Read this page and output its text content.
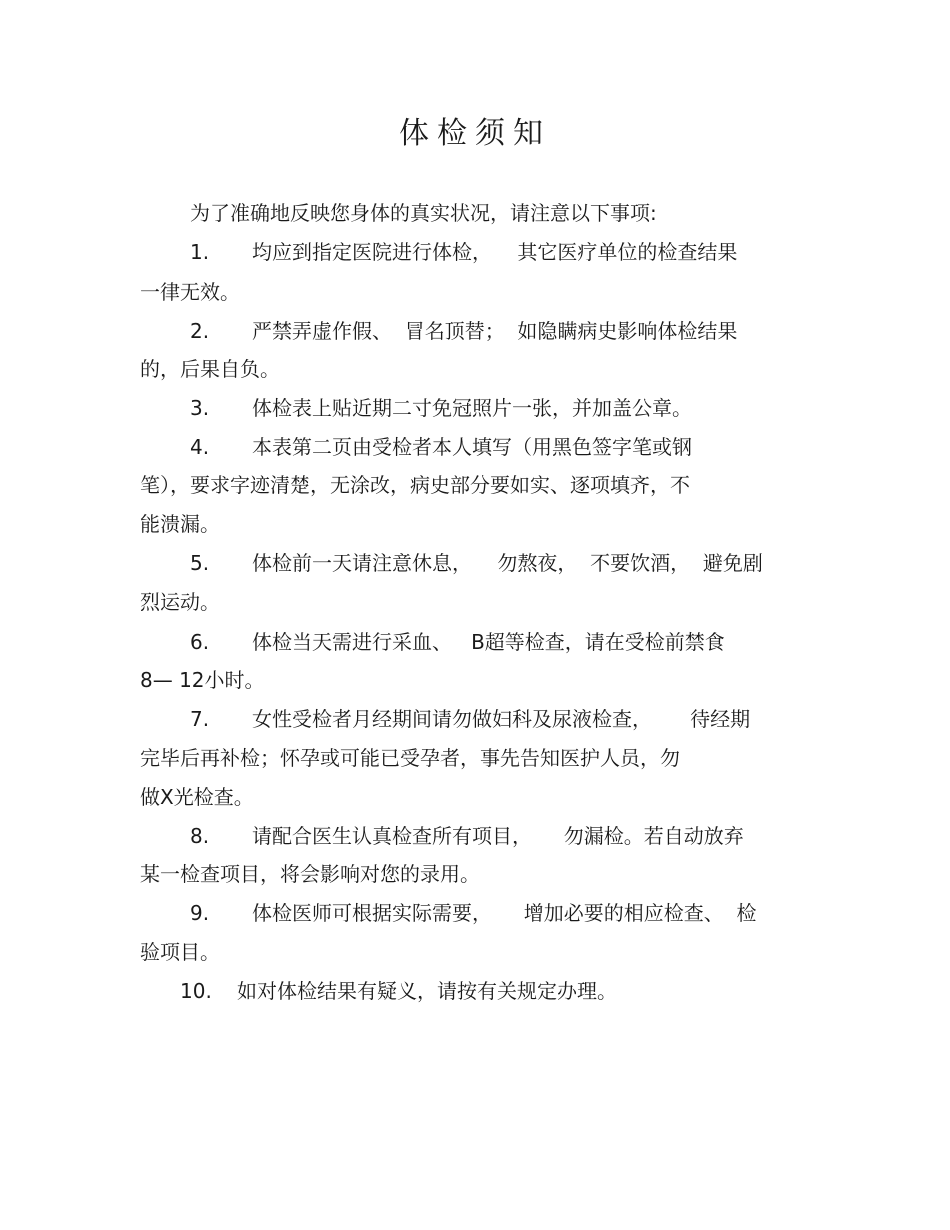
体检须知
为了准确地反映您身体的真实状况，请注意以下事项:
1. 均应到指定医院进行体检，    其它医疗单位的检查结果
一律无效。
2. 严禁弄虚作假、  冒名顶替；  如隐瞒病史影响体检结果
的，后果自负。
3. 体检表上贴近期二寸免冠照片一张，并加盖公章。
4. 本表第二页由受检者本人填写（用黑色签字笔或钢
笔），要求字迹清楚，无涂改，病史部分要如实、逐项填齐，不
能溃漏。
5. 体检前一天请注意休息，    勿熬夜，  不要饮酒，  避免剧
烈运动。
6. 体检当天需进行采血、   B超等检查，请在受检前禁食
8— 12小时。
7. 女性受检者月经期间请勿做妇科及尿液检查，      待经期
完毕后再补检；怀孕或可能已受孕者，事先告知医护人员，勿
做X光检查。
8. 请配合医生认真检查所有项目，     勿漏检。若自动放弃
某一检查项目，将会影响对您的录用。
9. 体检医师可根据实际需要，     增加必要的相应检查、  检
验项目。
10. 如对体检结果有疑义，请按有关规定办理。
